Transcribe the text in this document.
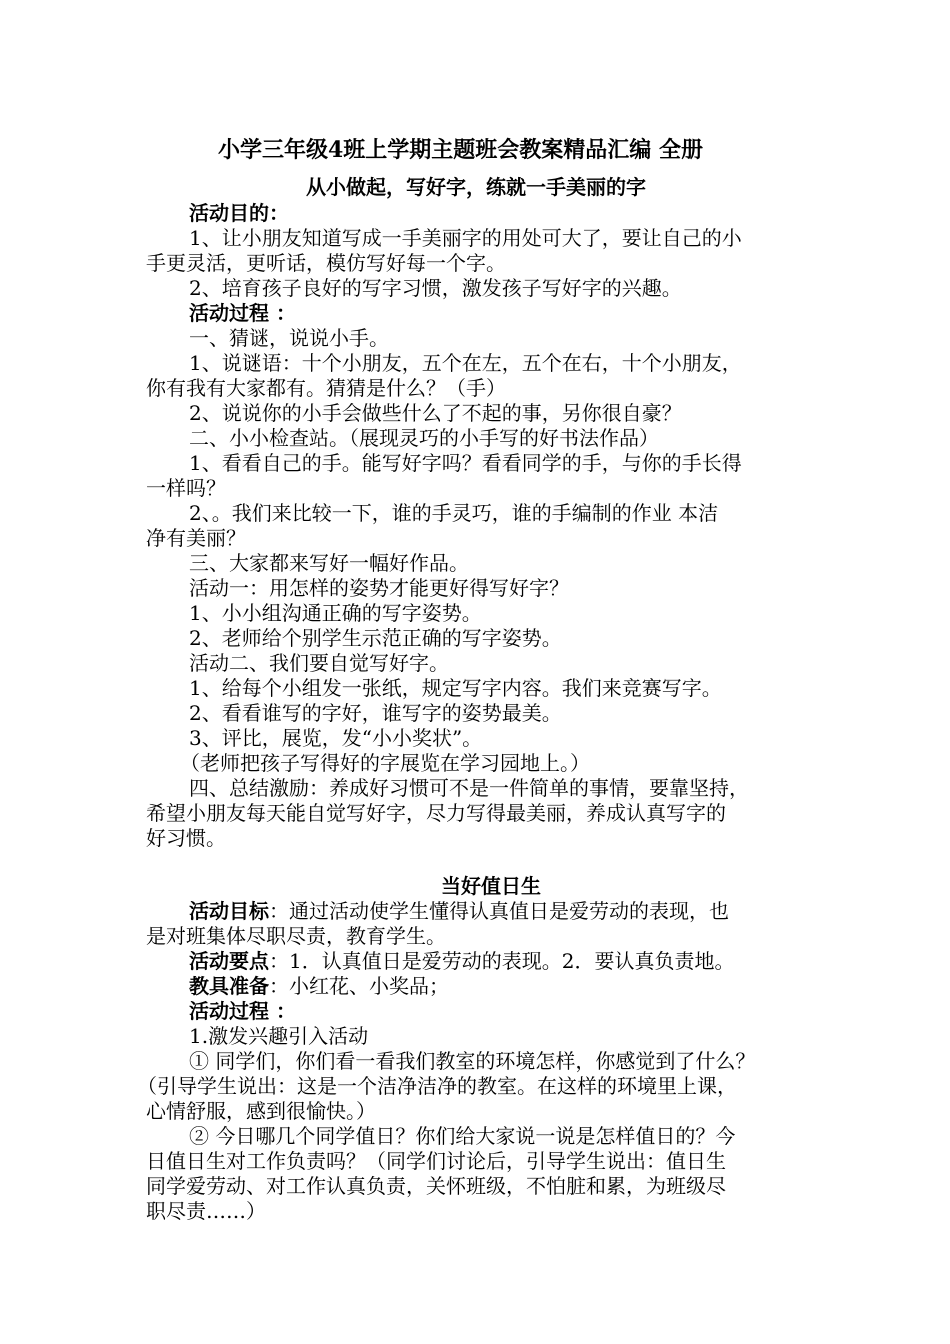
小学三年级4班上学期主题班会教案精品汇编 全册
从小做起，写好字，练就一手美丽的字
活动目的：
1、让小朋友知道写成一手美丽字的用处可大了，要让自己的小
手更灵活，更听话，模仿写好每一个字。
2、培育孩子良好的写字习惯，激发孩子写好字的兴趣。
活动过程 ：
一、猜谜，说说小手。
1、说谜语：十个小朋友，五个在左，五个在右，十个小朋友，
你有我有大家都有。猜猜是什么？（手）
2、说说你的小手会做些什么了不起的事，另你很自豪？
二、小小检查站。（展现灵巧的小手写的好书法作品）
1、看看自己的手。能写好字吗？看看同学的手，与你的手长得
一样吗？
2、。我们来比较一下，谁的手灵巧，谁的手编制的作业 本洁
净有美丽？
三、大家都来写好一幅好作品。
活动一：用怎样的姿势才能更好得写好字？
1、小小组沟通正确的写字姿势。
2、老师给个别学生示范正确的写字姿势。
活动二、我们要自觉写好字。
1、给每个小组发一张纸，规定写字内容。我们来竞赛写字。
2、看看谁写的字好，谁写字的姿势最美。
3、评比，展览，发“小小奖状”。
（老师把孩子写得好的字展览在学习园地上。）
四、总结激励：养成好习惯可不是一件简单的事情，要靠坚持，
希望小朋友每天能自觉写好字，尽力写得最美丽，养成认真写字的
好习惯。
当好值日生
活动目标：通过活动使学生懂得认真值日是爱劳动的表现，也
是对班集体尽职尽责，教育学生。
活动要点：1．认真值日是爱劳动的表现。2．要认真负责地。
教具准备：小红花、小奖品；
活动过程 ：
1.激发兴趣引入活动
① 同学们，你们看一看我们教室的环境怎样，你感觉到了什么？
（引导学生说出：这是一个洁净洁净的教室。在这样的环境里上课，
心情舒服，感到很愉快。）
② 今日哪几个同学值日？你们给大家说一说是怎样值日的？今
日值日生对工作负责吗？（同学们讨论后，引导学生说出：值日生
同学爱劳动、对工作认真负责，关怀班级，不怕脏和累，为班级尽
职尽责……）
